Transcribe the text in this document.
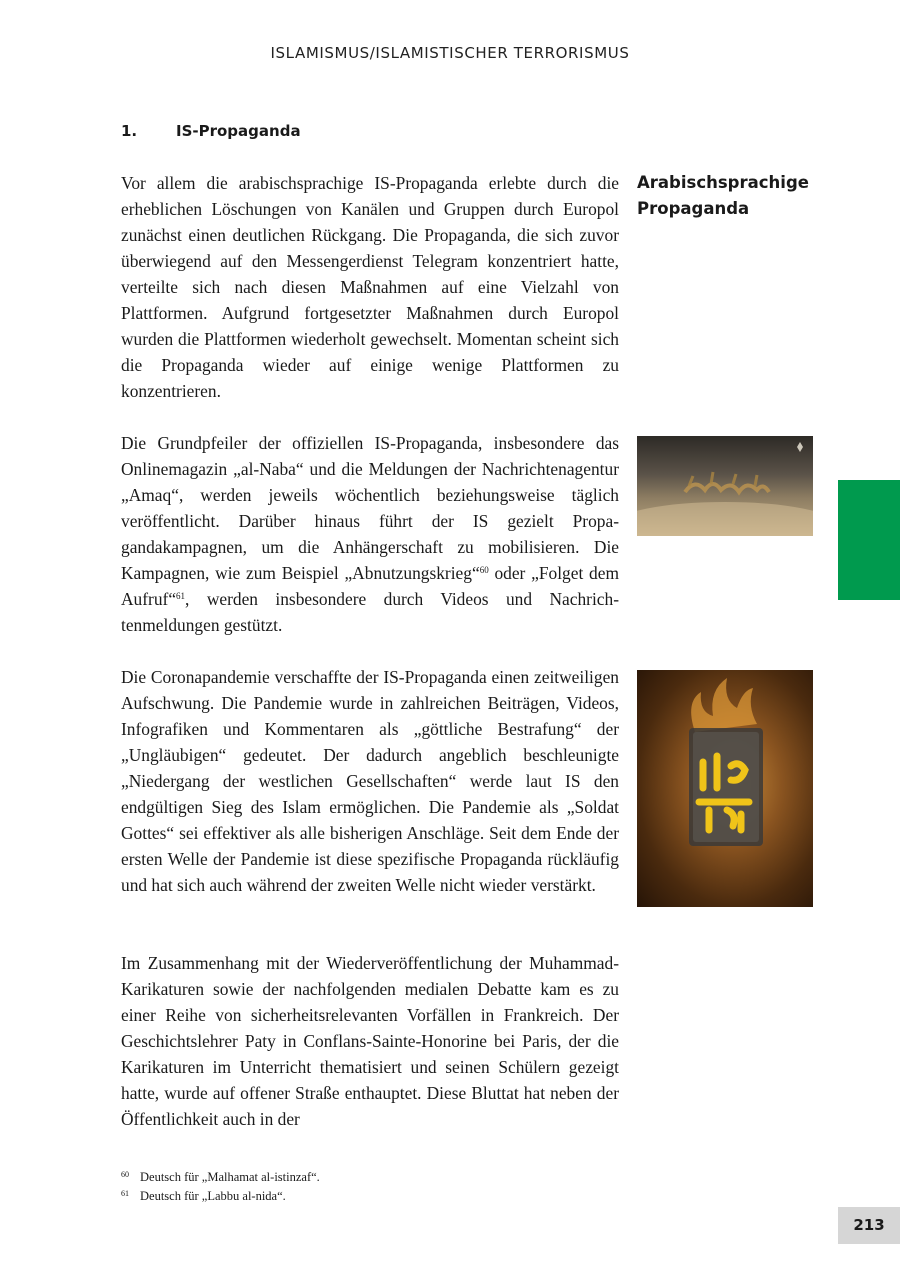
ISLAMISMUS/ISLAMISTISCHER TERRORISMUS
1.	IS-Propaganda
Arabischsprachige
Propaganda

Vor allem die arabischsprachige IS-Propaganda erlebte durch die erheblichen Löschungen von Kanälen und Gruppen durch Europol zunächst einen deutlichen Rückgang. Die Propaganda, die sich zuvor überwiegend auf den Messengerdienst Telegram konzentriert hatte, verteilte sich nach diesen Maßnahmen auf eine Vielzahl von Plattformen. Aufgrund fortgesetzter Maßnahmen durch Europol wurden die Plattformen wiederholt gewechselt. Momentan scheint sich die Propaganda wieder auf einige wenige Plattformen zu konzentrieren.

Die Grundpfeiler der offiziellen IS-Propaganda, insbesondere das Onlinemagazin „al-Naba“ und die Meldungen der Nachrichtenagentur „Amaq“, werden jeweils wöchentlich beziehungsweise täglich veröffentlicht. Darüber hinaus führt der IS gezielt Propagandakampagnen, um die Anhängerschaft zu mobilisieren. Die Kampagnen, wie zum Beispiel „Abnutzungskrieg“$^{60}$ oder „Folget dem Aufruf“$^{61}$, werden insbesondere durch Videos und Nachrichtenmeldungen gestützt.

Die Coronapandemie verschaffte der IS-Propaganda einen zeitweiligen Aufschwung. Die Pandemie wurde in zahlreichen Beiträgen, Videos, Infografiken und Kommentaren als „göttliche Bestrafung“ der „Ungläubigen“ gedeutet. Der dadurch angeblich beschleunigte „Niedergang der westlichen Gesellschaften“ werde laut IS den endgültigen Sieg des Islam ermöglichen. Die Pandemie als „Soldat Gottes“ sei effektiver als alle bisherigen Anschläge. Seit dem Ende der ersten Welle der Pandemie ist diese spezifische Propaganda rückläufig und hat sich auch während der zweiten Welle nicht wieder verstärkt.

Im Zusammenhang mit der Wiederveröffentlichung der Muhammad-Karikaturen sowie der nachfolgenden medialen Debatte kam es zu einer Reihe von sicherheitsrelevanten Vorfällen in Frankreich. Der Geschichtslehrer Paty in Conflans-Sainte-Honorine bei Paris, der die Karikaturen im Unterricht thematisiert und seinen Schülern gezeigt hatte, wurde auf offener Straße enthauptet. Diese Bluttat hat neben der Öffentlichkeit auch in der

60 Deutsch für „Malhamat al-istinzaf“.
61 Deutsch für „Labbu al-nida“.
213
